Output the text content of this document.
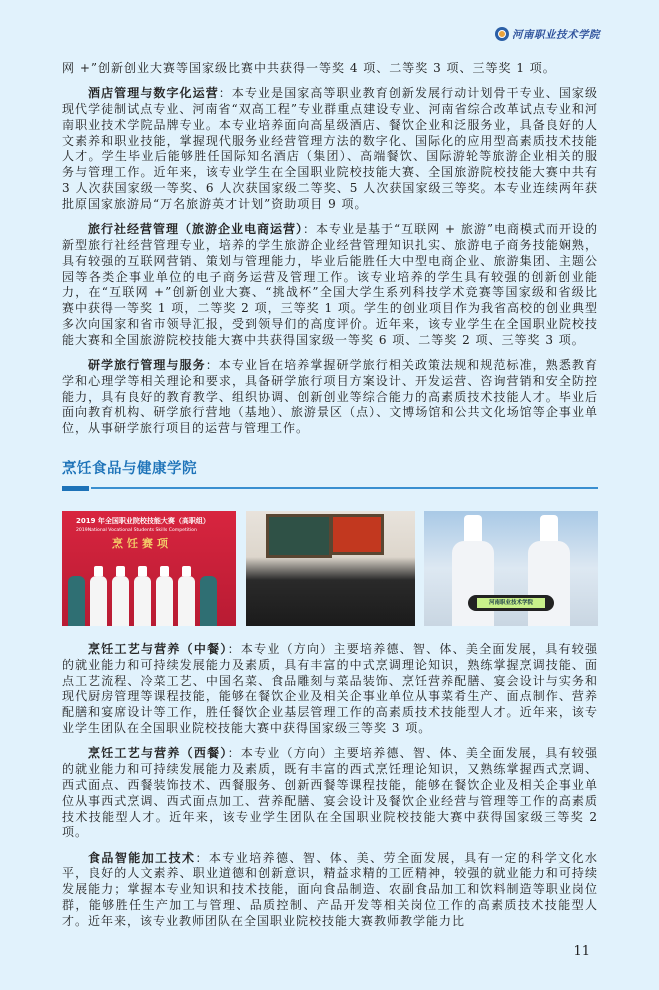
河南职业技术学院

网 +”创新创业大赛等国家级比赛中共获得一等奖 4 项、二等奖 3 项、三等奖 1 项。

酒店管理与数字化运营：本专业是国家高等职业教育创新发展行动计划骨干专业、国家级现代学徒制试点专业、河南省“双高工程”专业群重点建设专业、河南省综合改革试点专业和河南职业技术学院品牌专业。本专业培养面向高星级酒店、餐饮企业和泛服务业，具备良好的人文素养和职业技能，掌握现代服务业经营管理方法的数字化、国际化的应用型高素质技术技能人才。学生毕业后能够胜任国际知名酒店（集团）、高端餐饮、国际游轮等旅游企业相关的服务与管理工作。近年来，该专业学生在全国职业院校技能大赛、全国旅游院校技能大赛中共有 3 人次获国家级一等奖、6 人次获国家级二等奖、5 人次获国家级三等奖。本专业连续两年获批原国家旅游局“万名旅游英才计划”资助项目 9 项。

旅行社经营管理（旅游企业电商运营）：本专业是基于“互联网 + 旅游”电商模式而开设的新型旅行社经营管理专业，培养的学生旅游企业经营管理知识扎实、旅游电子商务技能娴熟，具有较强的互联网营销、策划与管理能力，毕业后能胜任大中型电商企业、旅游集团、主题公园等各类企事业单位的电子商务运营及管理工作。该专业培养的学生具有较强的创新创业能力，在“互联网 +”创新创业大赛、“挑战杯”全国大学生系列科技学术竞赛等国家级和省级比赛中获得一等奖 1 项，二等奖 2 项，三等奖 1 项。学生的创业项目作为我省高校的创业典型多次向国家和省市领导汇报，受到领导们的高度评价。近年来，该专业学生在全国职业院校技能大赛和全国旅游院校技能大赛中共获得国家级一等奖 6 项、二等奖 2 项、三等奖 3 项。

研学旅行管理与服务：本专业旨在培养掌握研学旅行相关政策法规和规范标准，熟悉教育学和心理学等相关理论和要求，具备研学旅行项目方案设计、开发运营、咨询营销和安全防控能力，具有良好的教育教学、组织协调、创新创业等综合能力的高素质技术技能人才。毕业后面向教育机构、研学旅行营地（基地）、旅游景区（点）、文博场馆和公共文化场馆等企事业单位，从事研学旅行项目的运营与管理工作。

烹饪食品与健康学院
2019 年全国职业院校技能大赛（高职组）
2019National Vocational Students Skills Competition
烹饪赛项
河南职业技术学院

烹饪工艺与营养（中餐）：本专业（方向）主要培养德、智、体、美全面发展，具有较强的就业能力和可持续发展能力及素质，具有丰富的中式烹调理论知识，熟练掌握烹调技能、面点工艺流程、冷菜工艺、中国名菜、食品雕刻与菜品装饰、烹饪营养配膳、宴会设计与实务和现代厨房管理等课程技能，能够在餐饮企业及相关企事业单位从事菜肴生产、面点制作、营养配膳和宴席设计等工作，胜任餐饮企业基层管理工作的高素质技术技能型人才。近年来，该专业学生团队在全国职业院校技能大赛中获得国家级三等奖 3 项。

烹饪工艺与营养（西餐）：本专业（方向）主要培养德、智、体、美全面发展，具有较强的就业能力和可持续发展能力及素质，既有丰富的西式烹饪理论知识，又熟练掌握西式烹调、西式面点、西餐装饰技术、西餐服务、创新西餐等课程技能，能够在餐饮企业及相关企事业单位从事西式烹调、西式面点加工、营养配膳、宴会设计及餐饮企业经营与管理等工作的高素质技术技能型人才。近年来，该专业学生团队在全国职业院校技能大赛中获得国家级三等奖 2 项。

食品智能加工技术：本专业培养德、智、体、美、劳全面发展，具有一定的科学文化水平，良好的人文素养、职业道德和创新意识，精益求精的工匠精神，较强的就业能力和可持续发展能力；掌握本专业知识和技术技能，面向食品制造、农副食品加工和饮料制造等职业岗位群，能够胜任生产加工与管理、品质控制、产品开发等相关岗位工作的高素质技术技能型人才。近年来，该专业教师团队在全国职业院校技能大赛教师教学能力比

11
